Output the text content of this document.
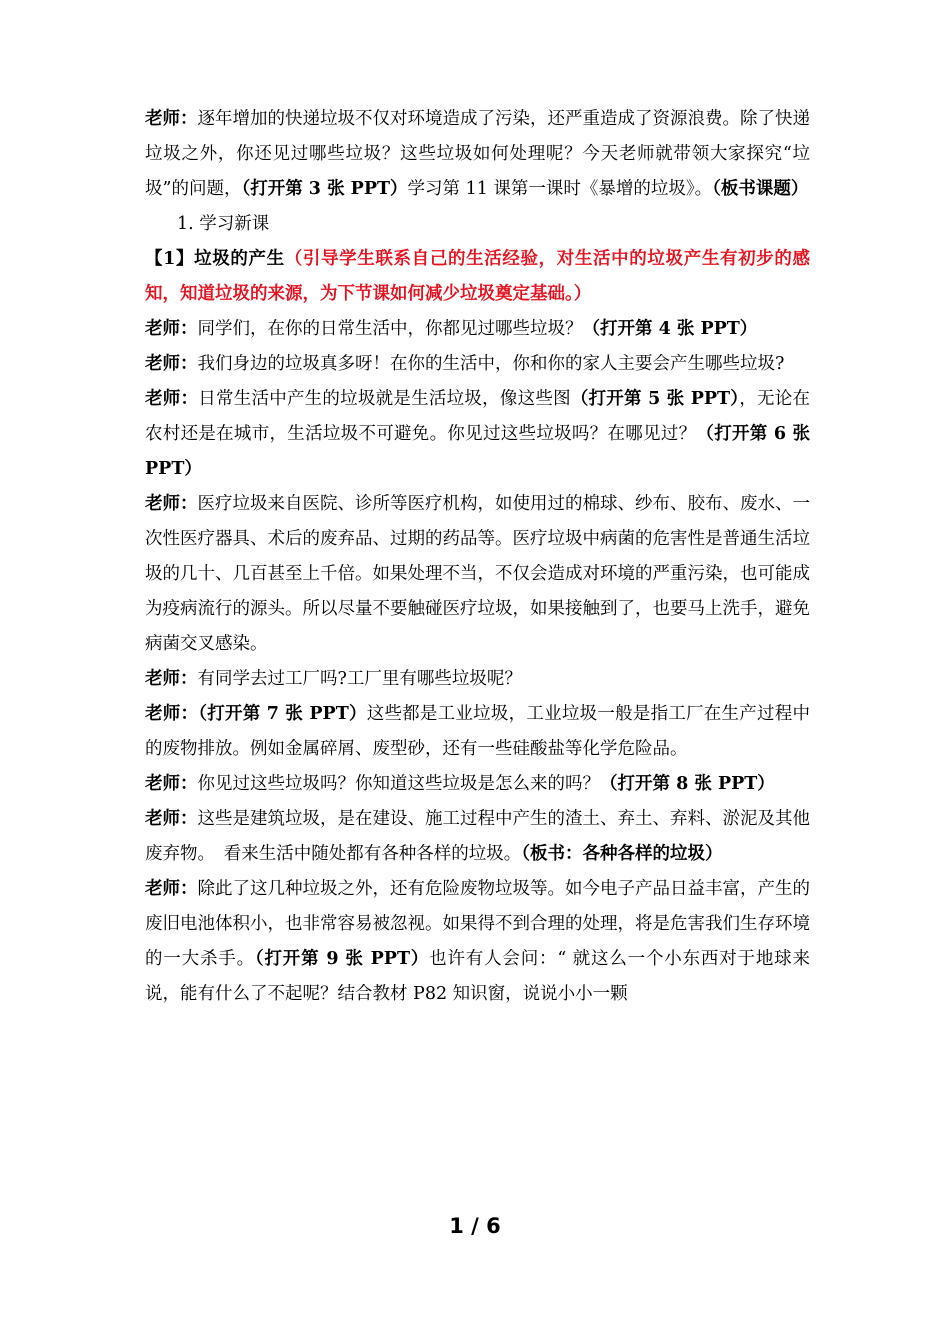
老师：逐年增加的快递垃圾不仅对环境造成了污染，还严重造成了资源浪费。除了快递垃圾之外，你还见过哪些垃圾？这些垃圾如何处理呢？今天老师就带领大家探究“垃圾”的问题，（打开第 3 张 PPT）学习第 11 课第一课时《暴增的垃圾》。（板书课题）

1. 学习新课

【1】垃圾的产生（引导学生联系自己的生活经验，对生活中的垃圾产生有初步的感知，知道垃圾的来源，为下节课如何减少垃圾奠定基础。）

老师：同学们，在你的日常生活中，你都见过哪些垃圾？（打开第 4 张 PPT）

老师：我们身边的垃圾真多呀！在你的生活中，你和你的家人主要会产生哪些垃圾?

老师：日常生活中产生的垃圾就是生活垃圾，像这些图（打开第 5 张 PPT），无论在农村还是在城市，生活垃圾不可避免。你见过这些垃圾吗？在哪见过？（打开第 6 张 PPT）

老师：医疗垃圾来自医院、诊所等医疗机构，如使用过的棉球、纱布、胶布、废水、一次性医疗器具、术后的废弃品、过期的药品等。医疗垃圾中病菌的危害性是普通生活垃圾的几十、几百甚至上千倍。如果处理不当，不仅会造成对环境的严重污染，也可能成为疫病流行的源头。所以尽量不要触碰医疗垃圾，如果接触到了，也要马上洗手，避免病菌交叉感染。

老师：有同学去过工厂吗?工厂里有哪些垃圾呢？

老师：（打开第 7 张 PPT）这些都是工业垃圾，工业垃圾一般是指工厂在生产过程中的废物排放。例如金属碎屑、废型砂，还有一些硅酸盐等化学危险品。

老师：你见过这些垃圾吗？你知道这些垃圾是怎么来的吗？（打开第 8 张 PPT）

老师：这些是建筑垃圾，是在建设、施工过程中产生的渣土、弃土、弃料、淤泥及其他废弃物。　看来生活中随处都有各种各样的垃圾。（板书：各种各样的垃圾）

老师：除此了这几种垃圾之外，还有危险废物垃圾等。如今电子产品日益丰富，产生的废旧电池体积小，也非常容易被忽视。如果得不到合理的处理，将是危害我们生存环境的一大杀手。（打开第 9 张 PPT）也许有人会问：“ 就这么一个小东西对于地球来说，能有什么了不起呢？结合教材 P82 知识窗，说说小小一颗

1 / 6
